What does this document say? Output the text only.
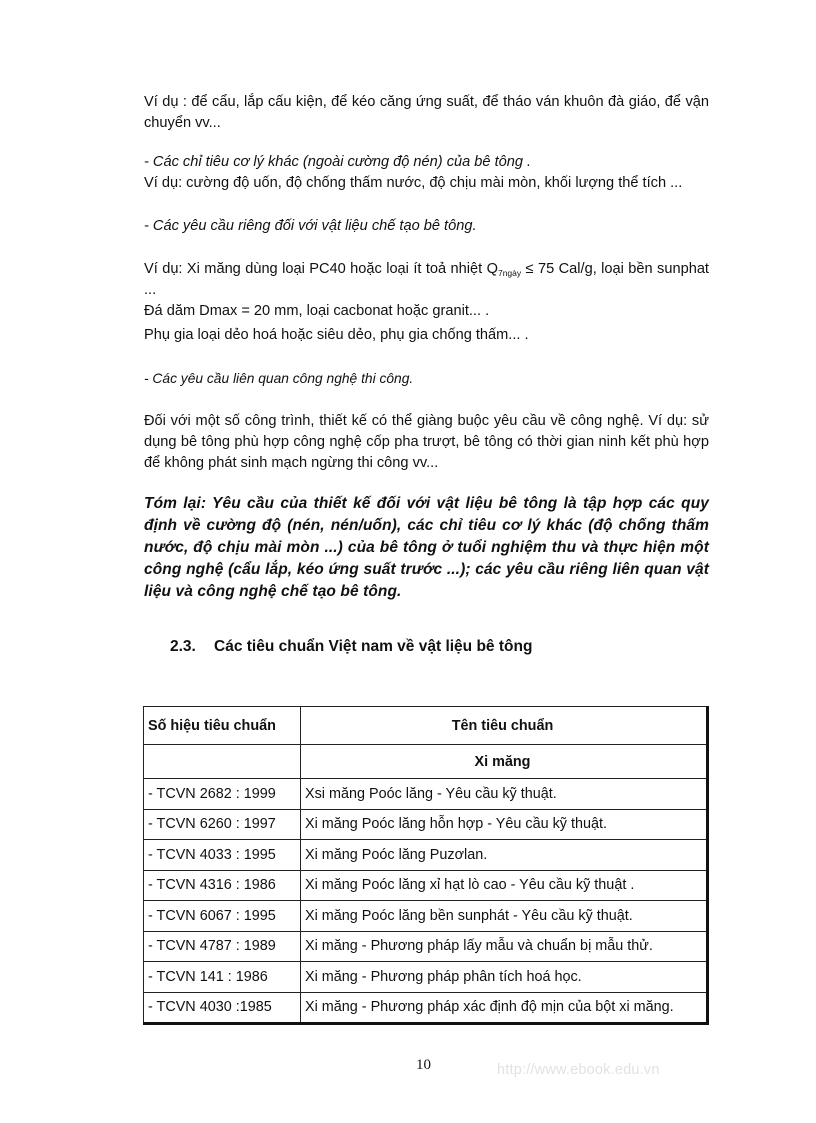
Ví dụ : để cẩu, lắp cấu kiện, để kéo căng ứng suất, để tháo ván khuôn đà giáo, để vận chuyển vv...

- Các chỉ tiêu cơ lý khác (ngoài cường độ nén) của bê tông .

Ví dụ: cường độ uốn, độ chống thấm nước, độ chịu mài mòn, khối lượng thể tích ...

- Các yêu cầu riêng đối với vật liệu chế tạo bê tông.

Ví dụ: Xi măng dùng loại PC40 hoặc loại ít toả nhiệt $Q_{7ngày} \le 75$ Cal/g, loại bền sunphat ...

Đá dăm Dmax = 20 mm, loại cacbonat hoặc granit... .

Phụ gia loại dẻo hoá hoặc siêu dẻo, phụ gia chống thấm... .

- Các yêu cầu liên quan công nghệ thi công.

Đối với một số công trình, thiết kế có thể giàng buộc yêu cầu về công nghệ. Ví dụ: sử dụng bê tông phù hợp công nghệ cốp pha trượt, bê tông có thời gian ninh kết phù hợp để không phát sinh mạch ngừng thi công vv...

Tóm lại: Yêu cầu của thiết kế đối với vật liệu bê tông là tập hợp các quy định về cường độ (nén, nén/uốn), các chỉ tiêu cơ lý khác (độ chống thấm nước, độ chịu mài mòn ...) của bê tông ở tuổi nghiệm thu và thực hiện một công nghệ (cẩu lắp, kéo ứng suất trước ...); các yêu cầu riêng liên quan vật liệu và công nghệ chế tạo bê tông.

2.3. Các tiêu chuẩn Việt nam về vật liệu bê tông
Số hiệu tiêu chuẩn	Tên tiêu chuẩn
	Xi măng
- TCVN 2682 : 1999	Xsi măng Poóc lăng - Yêu cầu kỹ thuật.
- TCVN 6260 : 1997	Xi măng Poóc lăng hỗn hợp - Yêu cầu kỹ thuật.
- TCVN 4033 : 1995	Xi măng Poóc lăng Puzơlan.
- TCVN 4316 : 1986	Xi măng Poóc lăng xỉ hạt lò cao - Yêu cầu kỹ thuật .
- TCVN 6067 : 1995	Xi măng Poóc lăng bền sunphát - Yêu cầu kỹ thuật.
- TCVN 4787 : 1989	Xi măng - Phương pháp lấy mẫu và chuẩn bị mẫu thử.
- TCVN 141 : 1986	Xi măng - Phương pháp phân tích hoá học.
- TCVN 4030 :1985	Xi măng - Phương pháp xác định độ mịn của bột xi măng.
10	http://www.ebook.edu.vn
